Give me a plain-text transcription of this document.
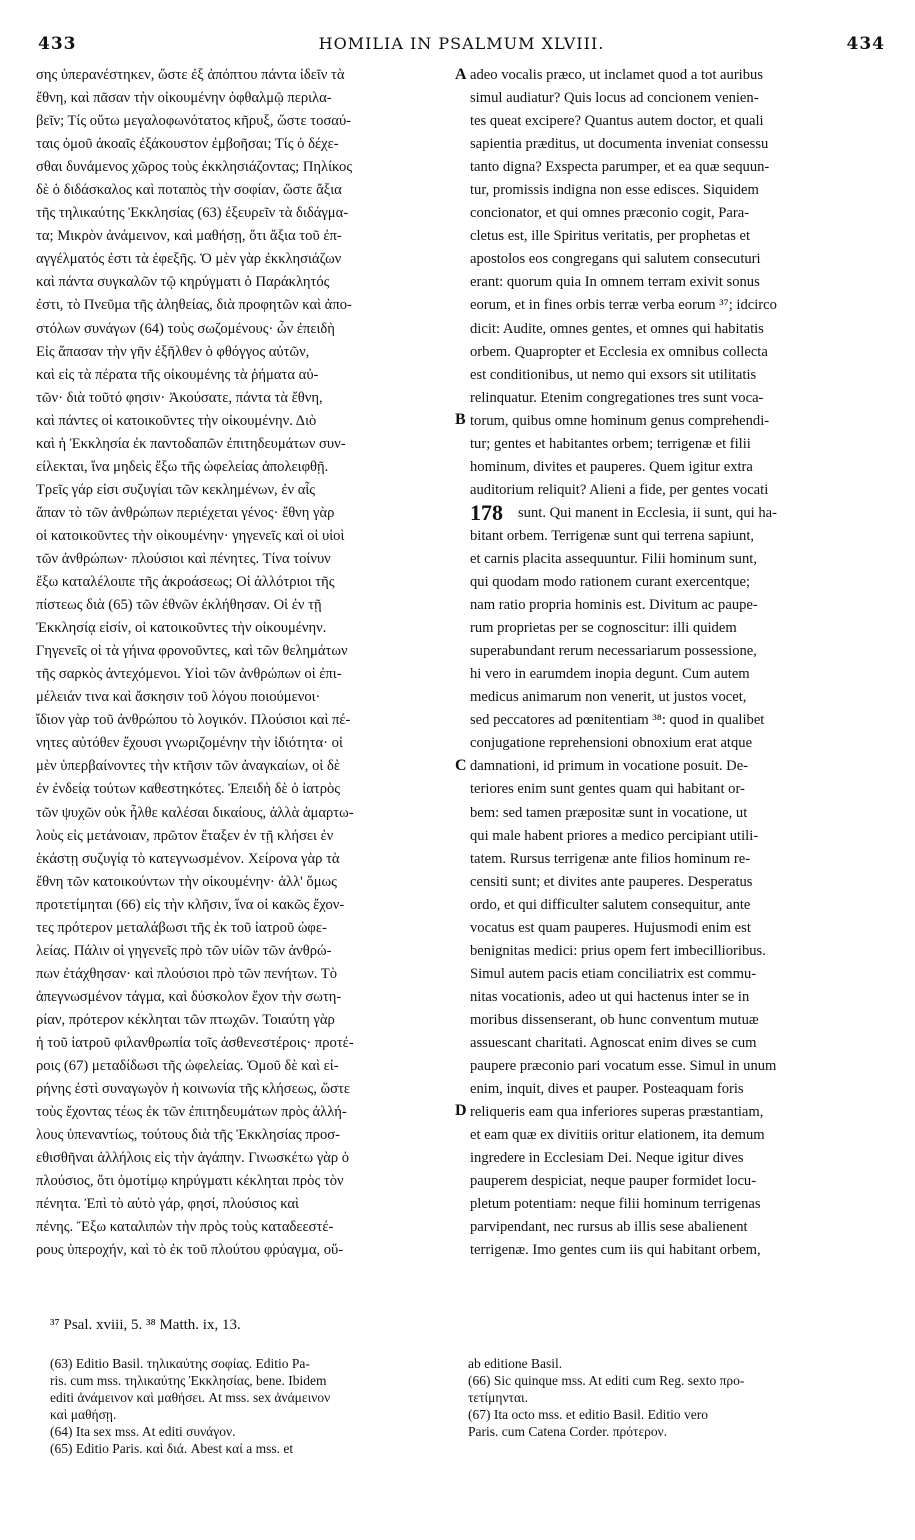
433	HOMILIA IN PSALMUM XLVIII.	434
σης ὑπερανέστηκεν, ὥστε ἐξ ἀπόπτου πάντα ἰδεῖν τὰ
ἔθνη, καὶ πᾶσαν τὴν οἰκουμένην ὀφθαλμῷ περιλα-
βεῖν; Τίς οὕτω μεγαλοφωνότατος κῆρυξ, ὥστε τοσαύ-
ταις ὁμοῦ ἀκοαῖς ἐξάκουστον ἐμβοῆσαι; Τίς ὁ δέχε-
σθαι δυνάμενος χῶρος τοὺς ἐκκλησιάζοντας; Πηλίκος
δὲ ὁ διδάσκαλος καὶ ποταπὸς τὴν σοφίαν, ὥστε ἄξια
τῆς τηλικαύτης Ἐκκλησίας (63) ἐξευρεῖν τὰ διδάγμα-
τα; Μικρὸν ἀνάμεινον, καὶ μαθήσῃ, ὅτι ἄξια τοῦ ἐπ-
αγγέλματός ἐστι τὰ ἐφεξῆς. Ὁ μὲν γὰρ ἐκκλησιάζων
καὶ πάντα συγκαλῶν τῷ κηρύγματι ὁ Παράκλητός
ἐστι, τὸ Πνεῦμα τῆς ἀληθείας, διὰ προφητῶν καὶ ἀπο-
στόλων συνάγων (64) τοὺς σωζομένους· ὧν ἐπειδὴ
Εἰς ἅπασαν τὴν γῆν ἐξῆλθεν ὁ φθόγγος αὐτῶν,
καὶ εἰς τὰ πέρατα τῆς οἰκουμένης τὰ ῥήματα αὐ-
τῶν· διὰ τοῦτό φησιν· Ἀκούσατε, πάντα τὰ ἔθνη,
καὶ πάντες οἱ κατοικοῦντες τὴν οἰκουμένην. Διὸ
καὶ ἡ Ἐκκλησία ἐκ παντοδαπῶν ἐπιτηδευμάτων συν-
είλεκται, ἵνα μηδεὶς ἔξω τῆς ὠφελείας ἀπολειφθῇ.
Τρεῖς γάρ εἰσι συζυγίαι τῶν κεκλημένων, ἐν αἷς
ἅπαν τὸ τῶν ἀνθρώπων περιέχεται γένος· ἔθνη γὰρ
οἱ κατοικοῦντες τὴν οἰκουμένην· γηγενεῖς καὶ οἱ υἱοὶ
τῶν ἀνθρώπων· πλούσιοι καὶ πένητες. Τίνα τοίνυν
ἔξω καταλέλοιπε τῆς ἀκροάσεως; Οἱ ἀλλότριοι τῆς
πίστεως διὰ (65) τῶν ἐθνῶν ἐκλήθησαν. Οἱ ἐν τῇ
Ἐκκλησίᾳ εἰσίν, οἱ κατοικοῦντες τὴν οἰκουμένην.
Γηγενεῖς οἱ τὰ γήινα φρονοῦντες, καὶ τῶν θελημάτων
τῆς σαρκὸς ἀντεχόμενοι. Υἱοὶ τῶν ἀνθρώπων οἱ ἐπι-
μέλειάν τινα καὶ ἄσκησιν τοῦ λόγου ποιούμενοι·
ἴδιον γὰρ τοῦ ἀνθρώπου τὸ λογικόν. Πλούσιοι καὶ πέ-
νητες αὐτόθεν ἔχουσι γνωριζομένην τὴν ἰδιότητα· οἱ
μὲν ὑπερβαίνοντες τὴν κτῆσιν τῶν ἀναγκαίων, οἱ δὲ
ἐν ἐνδείᾳ τούτων καθεστηκότες. Ἐπειδὴ δὲ ὁ ἰατρὸς
τῶν ψυχῶν οὐκ ἦλθε καλέσαι δικαίους, ἀλλὰ ἁμαρτω-
λοὺς εἰς μετάνοιαν, πρῶτον ἔταξεν ἐν τῇ κλήσει ἐν
ἑκάστῃ συζυγίᾳ τὸ κατεγνωσμένον. Χείρονα γὰρ τὰ
ἔθνη τῶν κατοικούντων τὴν οἰκουμένην· ἀλλ' ὅμως
προτετίμηται (66) εἰς τὴν κλῆσιν, ἵνα οἱ κακῶς ἔχον-
τες πρότερον μεταλάβωσι τῆς ἐκ τοῦ ἰατροῦ ὠφε-
λείας. Πάλιν οἱ γηγενεῖς πρὸ τῶν υἱῶν τῶν ἀνθρώ-
πων ἐτάχθησαν· καὶ πλούσιοι πρὸ τῶν πενήτων. Τὸ
ἀπεγνωσμένον τάγμα, καὶ δύσκολον ἔχον τὴν σωτη-
ρίαν, πρότερον κέκληται τῶν πτωχῶν. Τοιαύτη γὰρ
ἡ τοῦ ἰατροῦ φιλανθρωπία τοῖς ἀσθενεστέροις· προτέ-
ροις (67) μεταδίδωσι τῆς ὠφελείας. Ὁμοῦ δὲ καὶ εἰ-
ρήνης ἐστὶ συναγωγὸν ἡ κοινωνία τῆς κλήσεως, ὥστε
τοὺς ἔχοντας τέως ἐκ τῶν ἐπιτηδευμάτων πρὸς ἀλλή-
λους ὑπεναντίως, τούτους διὰ τῆς Ἐκκλησίας προσ-
εθισθῆναι ἀλλήλοις εἰς τὴν ἀγάπην. Γινωσκέτω γὰρ ὁ
πλούσιος, ὅτι ὁμοτίμῳ κηρύγματι κέκληται πρὸς τὸν
πένητα. Ἐπὶ τὸ αὐτὸ γάρ, φησί, πλούσιος καὶ
πένης. Ἔξω καταλιπὼν τὴν πρὸς τοὺς καταδεεστέ-
ρους ὑπεροχήν, καὶ τὸ ἐκ τοῦ πλούτου φρύαγμα, οὕ-
adeo vocalis præco, ut inclamet quod a tot auribus
simul audiatur? Quis locus ad concionem venien-
tes queat excipere? Quantus autem doctor, et quali
sapientia præditus, ut documenta inveniat consessu
tanto digna? Exspecta parumper, et ea quæ sequun-
tur, promissis indigna non esse edisces. Siquidem
concionator, et qui omnes præconio cogit, Para-
cletus est, ille Spiritus veritatis, per prophetas et
apostolos eos congregans qui salutem consecuturi
erant: quorum quia In omnem terram exivit sonus
eorum, et in fines orbis terræ verba eorum ³⁷; idcirco
dicit: Audite, omnes gentes, et omnes qui habitatis
orbem. Quapropter et Ecclesia ex omnibus collecta
est conditionibus, ut nemo qui exsors sit utilitatis
relinquatur. Etenim congregationes tres sunt voca-
torum, quibus omne hominum genus comprehendi-
tur; gentes et habitantes orbem; terrigenæ et filii
hominum, divites et pauperes. Quem igitur extra
auditorium reliquit? Alieni a fide, per gentes vocati
sunt. Qui manent in Ecclesia, ii sunt, qui ha-
bitant orbem. Terrigenæ sunt qui terrena sapiunt,
et carnis placita assequuntur. Filii hominum sunt,
qui quodam modo rationem curant exercentque;
nam ratio propria hominis est. Divitum ac paupe-
rum proprietas per se cognoscitur: illi quidem
superabundant rerum necessariarum possessione,
hi vero in earumdem inopia degunt. Cum autem
medicus animarum non venerit, ut justos vocet,
sed peccatores ad pœnitentiam ³⁸: quod in qualibet
conjugatione reprehensioni obnoxium erat atque
damnationi, id primum in vocatione posuit. De-
teriores enim sunt gentes quam qui habitant or-
bem: sed tamen præpositæ sunt in vocatione, ut
qui male habent priores a medico percipiant utili-
tatem. Rursus terrigenæ ante filios hominum re-
censiti sunt; et divites ante pauperes. Desperatus
ordo, et qui difficulter salutem consequitur, ante
vocatus est quam pauperes. Hujusmodi enim est
benignitas medici: prius opem fert imbecillioribus.
Simul autem pacis etiam conciliatrix est commu-
nitas vocationis, adeo ut qui hactenus inter se in
moribus dissenserant, ob hunc conventum mutuæ
assuescant charitati. Agnoscat enim dives se cum
paupere præconio pari vocatum esse. Simul in unum
enim, inquit, dives et pauper. Posteaquam foris
reliqueris eam qua inferiores superas præstantiam,
et eam quæ ex divitiis oritur elationem, ita demum
ingredere in Ecclesiam Dei. Neque igitur dives
pauperem despiciat, neque pauper formidet locu-
pletum potentiam: neque filii hominum terrigenas
parvipendant, nec rursus ab illis sese abalienent
terrigenæ. Imo gentes cum iis qui habitant orbem,
A
B
C
D
178
³⁷ Psal. xviii, 5. ³⁸ Matth. ix, 13.
(63) Editio Basil. τηλικαύτης σοφίας. Editio Pa-
ris. cum mss. τηλικαύτης Ἐκκλησίας, bene. Ibidem
editi ἀνάμεινον καὶ μαθήσει. At mss. sex ἀνάμεινον
καὶ μαθήσῃ.
(64) Ita sex mss. At editi συνάγον.
(65) Editio Paris. καὶ διά. Abest καί a mss. et
ab editione Basil.
(66) Sic quinque mss. At editi cum Reg. sexto προ-
τετίμηνται.
(67) Ita octo mss. et editio Basil. Editio vero
Paris. cum Catena Corder. πρότερον.
